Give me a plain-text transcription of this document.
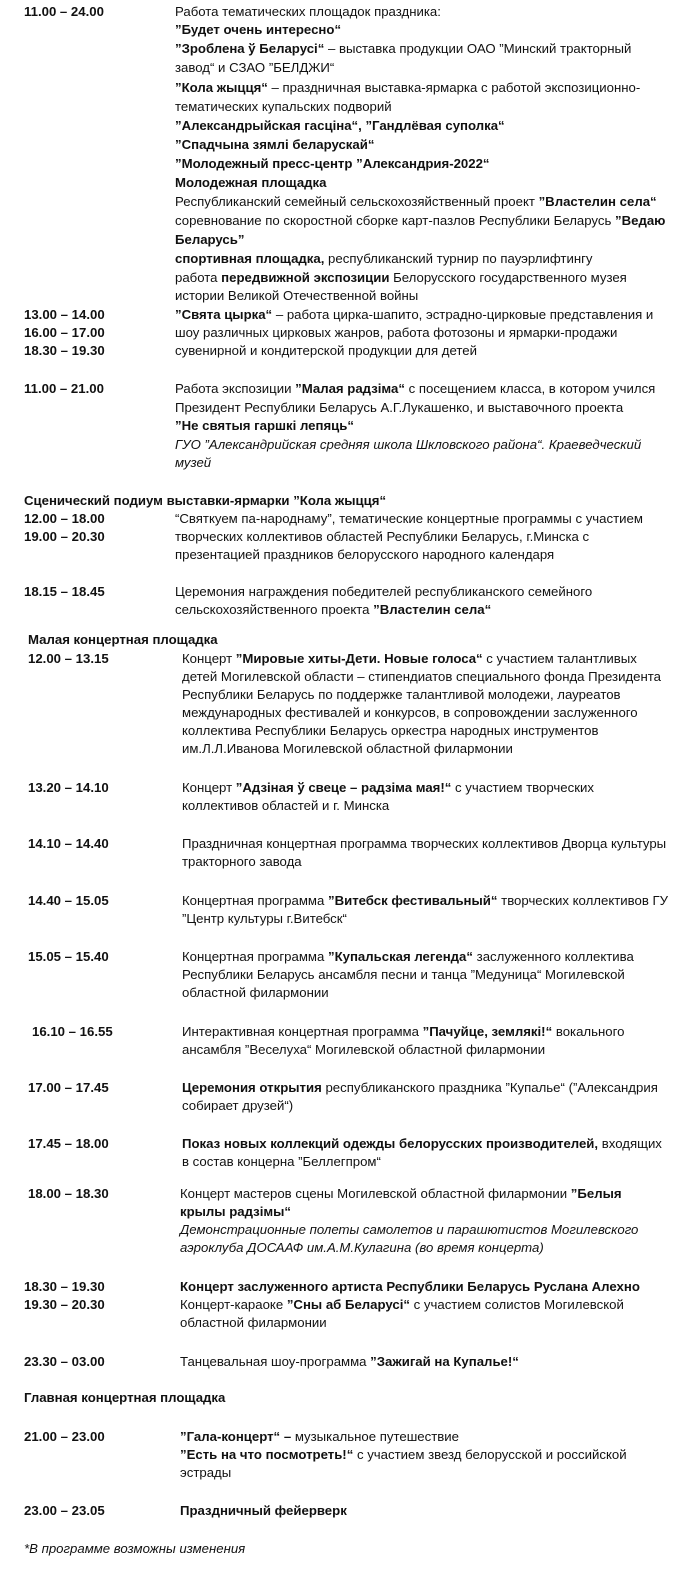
11.00 – 24.00	Работа тематических площадок праздника:
”Будет очень интересно“
”Зроблена ў Беларусі“ – выставка продукции ОАО ”Минский тракторный
завод“ и СЗАО ”БЕЛДЖИ“
”Кола жыцця“ – праздничная выставка-ярмарка с работой экспозиционно-
тематических купальских подворий
”Александрыйская гасціна“, ”Гандлёвая суполка“
”Спадчына зямлі беларускай“
”Молодежный пресс-центр ”Александрия-2022“
Молодежная площадка
Республиканский семейный сельскохозяйственный проект ”Властелин села“
соревнование по скоростной сборке карт-пазлов Республики Беларусь ”Ведаю
Беларусь”
спортивная площадка, республиканский турнир по пауэрлифтингу
работа передвижной экспозиции Белорусского государственного музея
истории Великой Отечественной войны
13.00 – 14.00
16.00 – 17.00
18.30 – 19.30
”Свята цырка“ – работа цирка-шапито, эстрадно-цирковые представления и
шоу различных цирковых жанров, работа фотозоны и ярмарки-продажи
сувенирной и кондитерской продукции для детей
11.00 – 21.00	Работа экспозиции ”Малая радзіма“ с посещением класса, в котором учился
Президент Республики Беларусь А.Г.Лукашенко, и выставочного проекта
”Не святыя гаршкі лепяць“
ГУО ”Александрийская средняя школа Шкловского района“. Краеведческий
музей
Сценический подиум выставки-ярмарки ”Кола жыцця“
12.00 – 18.00
19.00 – 20.30
“Святкуем па-народнаму”, тематические концертные программы с участием
творческих коллективов областей Республики Беларусь, г.Минска с
презентацией праздников белорусского народного календаря
18.15 – 18.45	Церемония награждения победителей республиканского семейного
сельскохозяйственного проекта ”Властелин села“
Малая концертная площадка
12.00 – 13.15	Концерт ”Мировые хиты-Дети. Новые голоса“ с участием талантливых
детей Могилевской области – стипендиатов специального фонда Президента
Республики Беларусь по поддержке талантливой молодежи, лауреатов
международных фестивалей и конкурсов, в сопровождении заслуженного
коллектива Республики Беларусь оркестра народных инструментов
им.Л.Л.Иванова Могилевской областной филармонии
13.20 – 14.10	Концерт ”Адзіная ў свеце – радзіма мая!“ с участием творческих
коллективов областей и г. Минска
14.10 – 14.40	Праздничная концертная программа творческих коллективов Дворца культуры
тракторного завода
14.40 – 15.05	Концертная программа ”Витебск фестивальный“ творческих коллективов ГУ
”Центр культуры г.Витебск“
15.05 – 15.40	Концертная программа ”Купальская легенда“ заслуженного коллектива
Республики Беларусь ансамбля песни и танца ”Медуница“ Могилевской
областной филармонии
16.10 – 16.55	Интерактивная концертная программа ”Пачуйце, землякі!“ вокального
ансамбля ”Веселуха“ Могилевской областной филармонии
17.00 – 17.45	Церемония открытия республиканского праздника ”Купалье“ (”Александрия
собирает друзей“)
17.45 – 18.00	Показ новых коллекций одежды белорусских производителей, входящих
в состав концерна ”Беллегпром“
18.00 – 18.30	Концерт мастеров сцены Могилевской областной филармонии ”Белыя
крылы радзімы“
Демонстрационные полеты самолетов и парашютистов Могилевского
аэроклуба ДОСААФ им.А.М.Кулагина (во время концерта)
18.30 – 19.30	Концерт заслуженного артиста Республики Беларусь Руслана Алехно
19.30 – 20.30	Концерт-караоке ”Сны аб Беларусі“ с участием солистов Могилевской
областной филармонии
23.30 – 03.00	Танцевальная шоу-программа ”Зажигай на Купалье!“
Главная концертная площадка
21.00 – 23.00	”Гала-концерт“ – музыкальное путешествие
”Есть на что посмотреть!“ с участием звезд белорусской и российской
эстрады
23.00 – 23.05	Праздничный фейерверк
*В программе возможны изменения
